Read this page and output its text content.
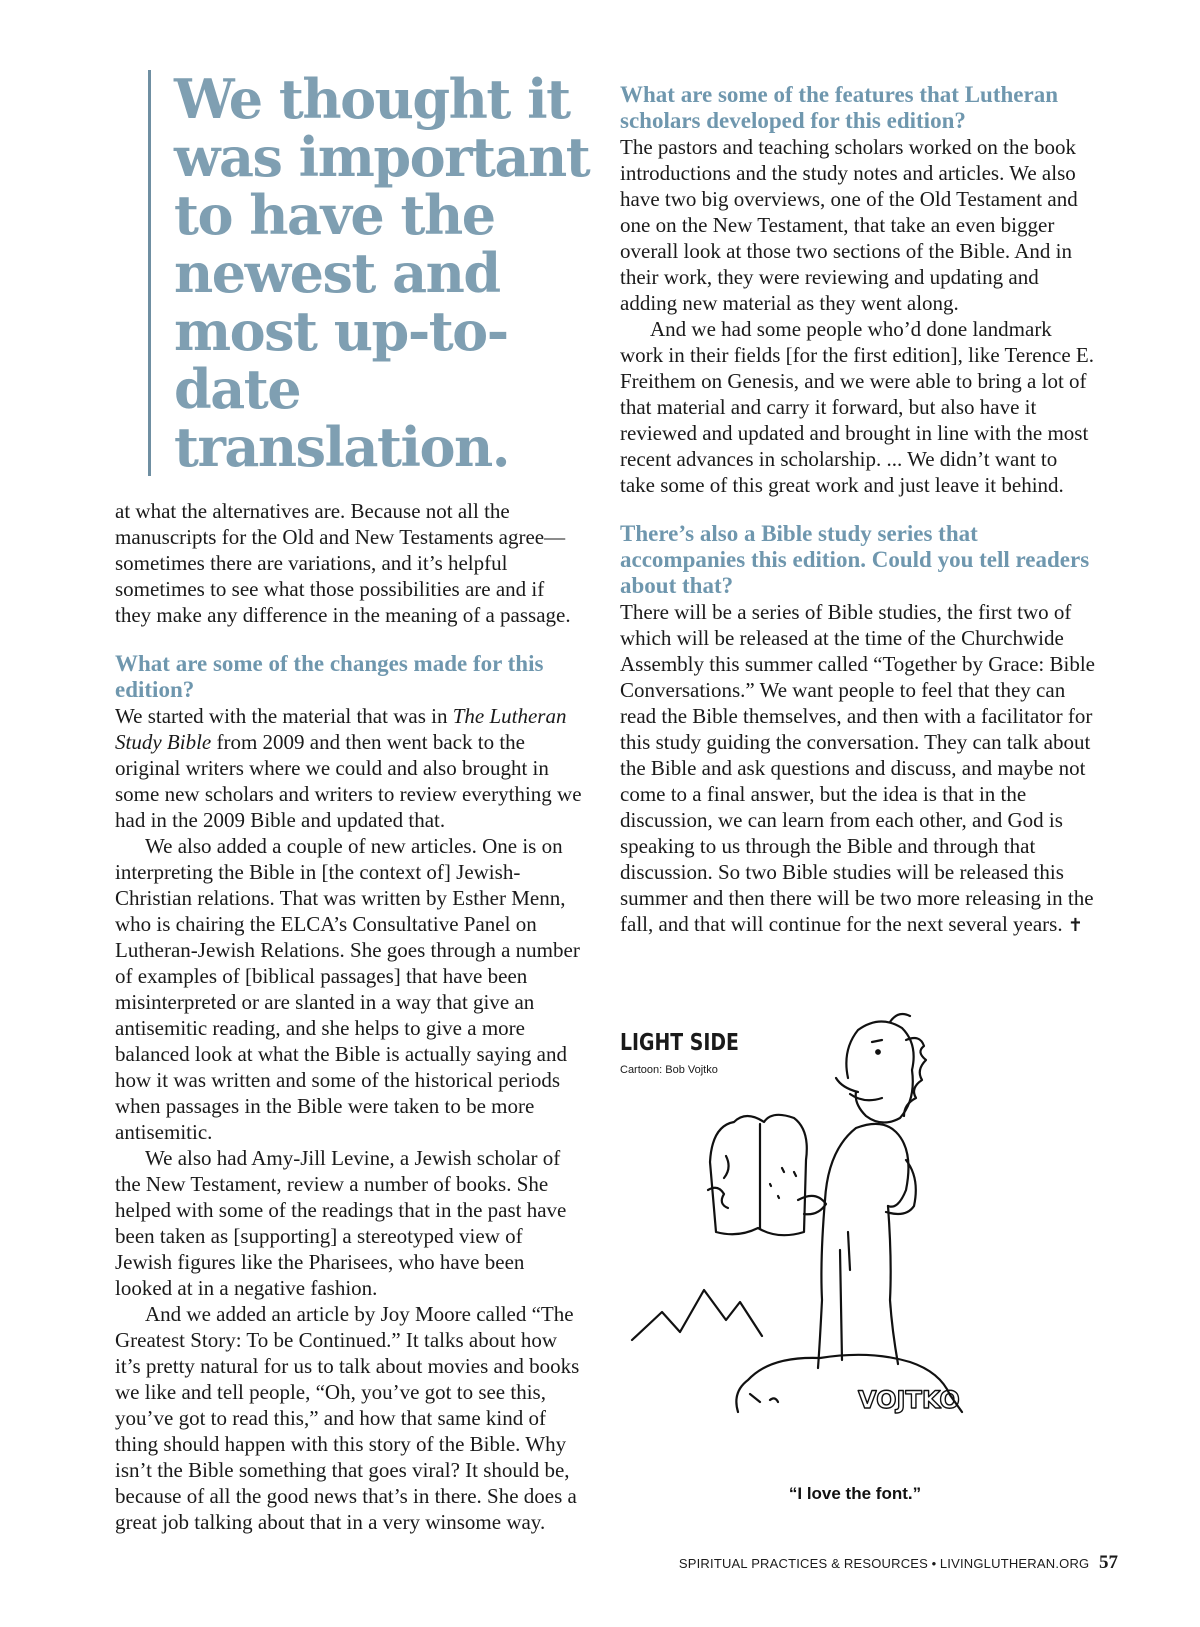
We thought it was important to have the newest and most up-to-date translation.

at what the alternatives are. Because not all the manuscripts for the Old and New Testaments agree—sometimes there are variations, and it’s helpful sometimes to see what those possibilities are and if they make any difference in the meaning of a passage.

What are some of the changes made for this edition?

We started with the material that was in The Lutheran Study Bible from 2009 and then went back to the original writers where we could and also brought in some new scholars and writers to review everything we had in the 2009 Bible and updated that.

We also added a couple of new articles. One is on interpreting the Bible in [the context of] Jewish-Christian relations. That was written by Esther Menn, who is chairing the ELCA’s Consultative Panel on Lutheran-Jewish Relations. She goes through a number of examples of [biblical passages] that have been misinterpreted or are slanted in a way that give an antisemitic reading, and she helps to give a more balanced look at what the Bible is actually saying and how it was written and some of the historical periods when passages in the Bible were taken to be more antisemitic.

We also had Amy-Jill Levine, a Jewish scholar of the New Testament, review a number of books. She helped with some of the readings that in the past have been taken as [supporting] a stereotyped view of Jewish figures like the Pharisees, who have been looked at in a negative fashion.

And we added an article by Joy Moore called “The Greatest Story: To be Continued.” It talks about how it’s pretty natural for us to talk about movies and books we like and tell people, “Oh, you’ve got to see this, you’ve got to read this,” and how that same kind of thing should happen with this story of the Bible. Why isn’t the Bible something that goes viral? It should be, because of all the good news that’s in there. She does a great job talking about that in a very winsome way.

What are some of the features that Lutheran scholars developed for this edition?

The pastors and teaching scholars worked on the book introductions and the study notes and articles. We also have two big overviews, one of the Old Testament and one on the New Testament, that take an even bigger overall look at those two sections of the Bible. And in their work, they were reviewing and updating and adding new material as they went along.

And we had some people who’d done landmark work in their fields [for the first edition], like Terence E. Freithem on Genesis, and we were able to bring a lot of that material and carry it forward, but also have it reviewed and updated and brought in line with the most recent advances in scholarship. ... We didn’t want to take some of this great work and just leave it behind.

There’s also a Bible study series that accompanies this edition. Could you tell readers about that?

There will be a series of Bible studies, the first two of which will be released at the time of the Churchwide Assembly this summer called “Together by Grace: Bible Conversations.” We want people to feel that they can read the Bible themselves, and then with a facilitator for this study guiding the conversation. They can talk about the Bible and ask questions and discuss, and maybe not come to a final answer, but the idea is that in the discussion, we can learn from each other, and God is speaking to us through the Bible and through that discussion. So two Bible studies will be released this summer and then there will be two more releasing in the fall, and that will continue for the next several years. ✝

LIGHT SIDE
Cartoon: Bob Vojtko
VOJTKO
“I love the font.”
SPIRITUAL PRACTICES & RESOURCES • LIVINGLUTHERAN.ORG 57
